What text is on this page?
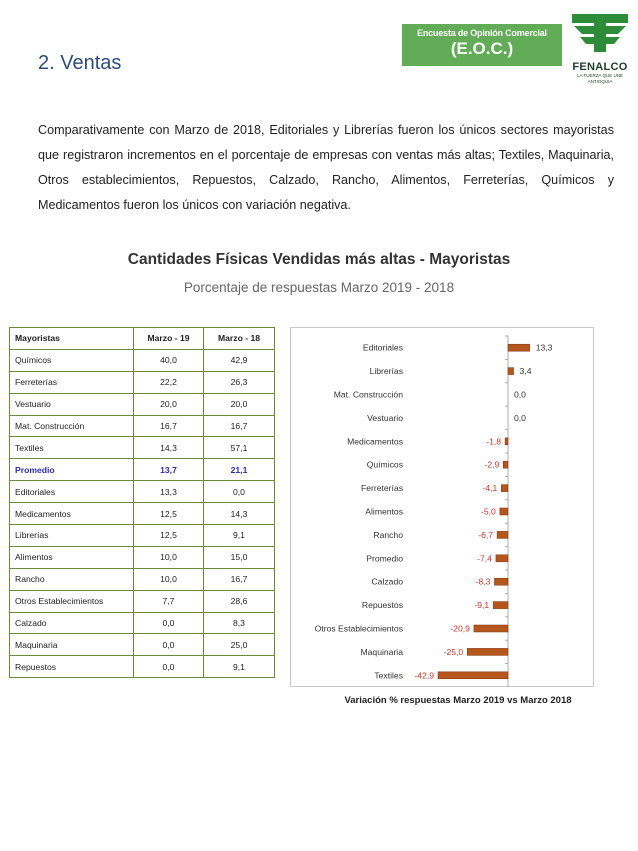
2. Ventas
Encuesta de Opinión Comercial
(E.O.C.)
FENALCO
LA FUERZA QUE UNE
ANTIOQUIA

Comparativamente con Marzo de 2018, Editoriales y Librerías fueron los únicos sectores mayoristas que registraron incrementos en el porcentaje de empresas con ventas más altas; Textiles, Maquinaria, Otros establecimientos, Repuestos, Calzado, Rancho, Alimentos, Ferreterías, Químicos y Medicamentos fueron los únicos con variación negativa.

Cantidades Físicas Vendidas más altas - Mayoristas
Porcentaje de respuestas Marzo 2019 - 2018
Mayoristas	Marzo - 19	Marzo - 18
Químicos	40,0	42,9
Ferreterías	22,2	26,3
Vestuario	20,0	20,0
Mat. Construcción	16,7	16,7
Textiles	14,3	57,1
Promedio	13,7	21,1
Editoriales	13,3	0,0
Medicamentos	12,5	14,3
Librerías	12,5	9,1
Alimentos	10,0	15,0
Rancho	10,0	16,7
Otros Establecimientos	7,7	28,6
Calzado	0,0	8,3
Maquinaria	0,0	25,0
Repuestos	0,0	9,1
Editoriales	13,3
Librerías	3,4
Mat. Construcción	0,0
Vestuario	0,0
Medicamentos	-1,8
Químicos	-2,9
Ferreterías	-4,1
Alimentos	-5,0
Rancho	-6,7
Promedio	-7,4
Calzado	-8,3
Repuestos	-9,1
Otros Establecimientos	-20,9
Maquinaria	-25,0
Textiles -42,9
Variación % respuestas Marzo 2019 vs Marzo 2018
